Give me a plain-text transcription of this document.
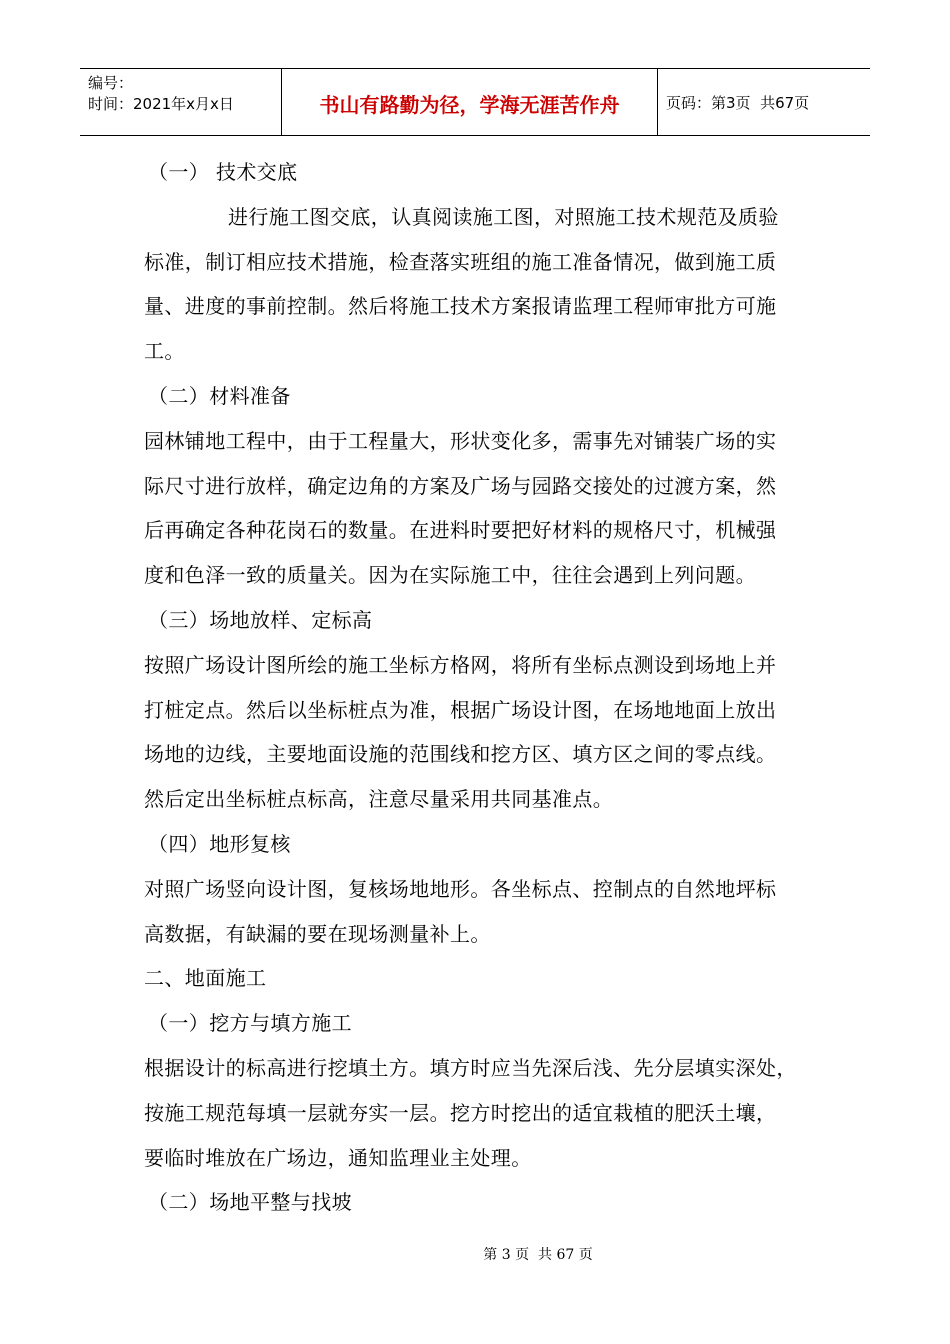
编号：
时间：2021年x月x日	书山有路勤为径，学海无涯苦作舟	页码：第3页  共67页
（一） 技术交底
进行施工图交底，认真阅读施工图，对照施工技术规范及质验
标准，制订相应技术措施，检查落实班组的施工准备情况，做到施工质
量、进度的事前控制。然后将施工技术方案报请监理工程师审批方可施
工。
（二）材料准备
园林铺地工程中，由于工程量大，形状变化多，需事先对铺装广场的实
际尺寸进行放样，确定边角的方案及广场与园路交接处的过渡方案，然
后再确定各种花岗石的数量。在进料时要把好材料的规格尺寸，机械强
度和色泽一致的质量关。因为在实际施工中，往往会遇到上列问题。
（三）场地放样、定标高
按照广场设计图所绘的施工坐标方格网，将所有坐标点测设到场地上并
打桩定点。然后以坐标桩点为准，根据广场设计图，在场地地面上放出
场地的边线，主要地面设施的范围线和挖方区、填方区之间的零点线。
然后定出坐标桩点标高，注意尽量采用共同基准点。
（四）地形复核
对照广场竖向设计图，复核场地地形。各坐标点、控制点的自然地坪标
高数据，有缺漏的要在现场测量补上。
二、地面施工
（一）挖方与填方施工
根据设计的标高进行挖填土方。填方时应当先深后浅、先分层填实深处，
按施工规范每填一层就夯实一层。挖方时挖出的适宜栽植的肥沃土壤，
要临时堆放在广场边，通知监理业主处理。
（二）场地平整与找坡
第 3 页  共 67 页
